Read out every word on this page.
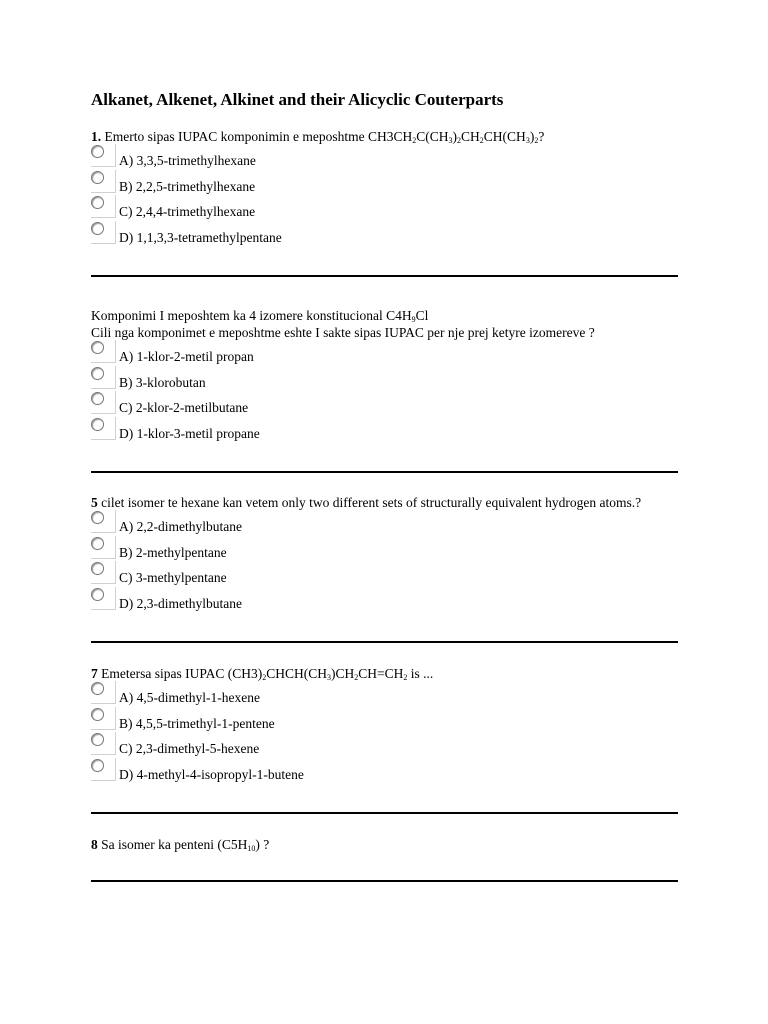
Alkanet, Alkenet, Alkinet and their Alicyclic Couterparts
1. Emerto sipas IUPAC komponimin e meposhtme $CH3CH_2C(CH_3)_2CH_2CH(CH_3)_2$?
A) 3,3,5-trimethylhexane
B) 2,2,5-trimethylhexane
C) 2,4,4-trimethylhexane
D) 1,1,3,3-tetramethylpentane
Komponimi I meposhtem ka 4 izomere konstitucional $C4H_9Cl$
Cili nga komponimet e meposhtme eshte I sakte sipas IUPAC per nje prej ketyre izomereve ?
A) 1-klor-2-metil propan
B) 3-klorobutan
C) 2-klor-2-metilbutane
D) 1-klor-3-metil propane
5 cilet isomer te hexane kan vetem only two different sets of structurally equivalent hydrogen atoms.?
A) 2,2-dimethylbutane
B) 2-methylpentane
C) 3-methylpentane
D) 2,3-dimethylbutane
7 Emetersa sipas IUPAC $(CH3)_2CHCH(CH_3)CH_2CH=CH_2$ is ...
A) 4,5-dimethyl-1-hexene
B) 4,5,5-trimethyl-1-pentene
C) 2,3-dimethyl-5-hexene
D) 4-methyl-4-isopropyl-1-butene
8 Sa isomer ka penteni $(C5H_{10})$ ?
